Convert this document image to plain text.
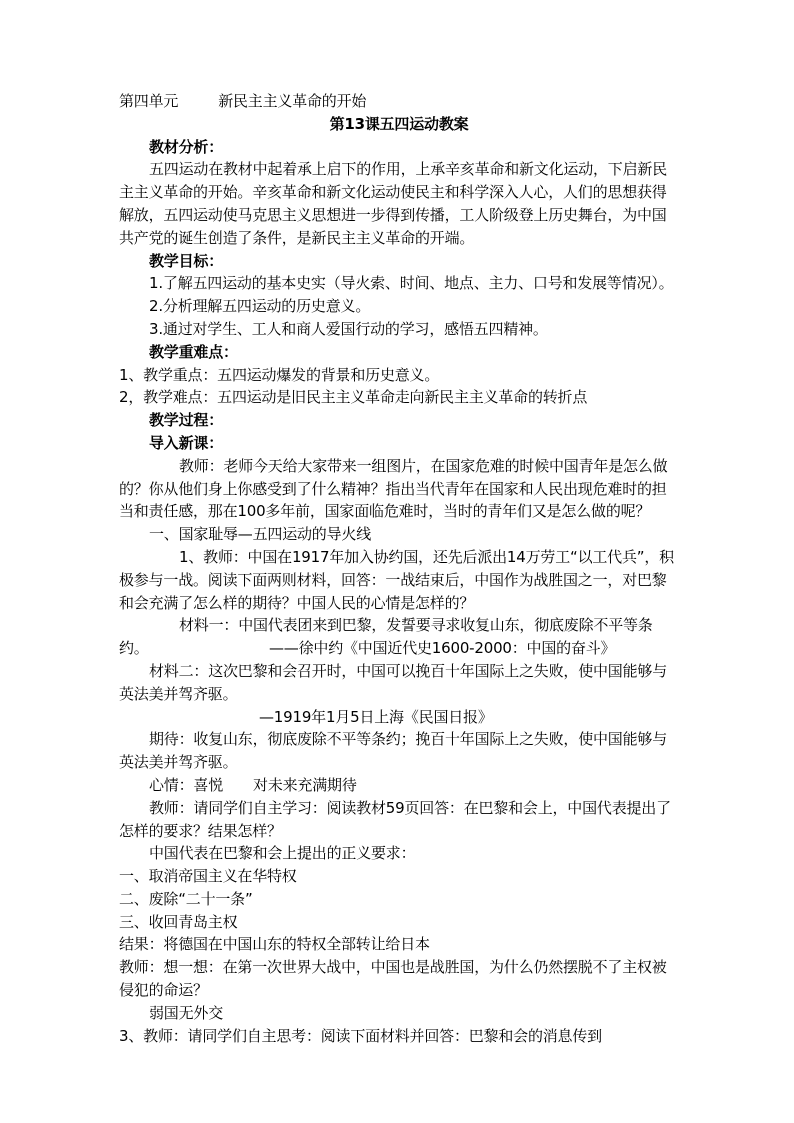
第四单元	新民主主义革命的开始

第13课五四运动教案

教材分析：

五四运动在教材中起着承上启下的作用，上承辛亥革命和新文化运动，下启新民主主义革命的开始。辛亥革命和新文化运动使民主和科学深入人心，人们的思想获得解放，五四运动使马克思主义思想进一步得到传播，工人阶级登上历史舞台，为中国共产党的诞生创造了条件，是新民主主义革命的开端。

教学目标：

1.了解五四运动的基本史实（导火索、时间、地点、主力、口号和发展等情况）。

2.分析理解五四运动的历史意义。

3.通过对学生、工人和商人爱国行动的学习，感悟五四精神。

教学重难点：

1、教学重点：五四运动爆发的背景和历史意义。

2，教学难点：五四运动是旧民主主义革命走向新民主主义革命的转折点

教学过程：

导入新课：

教师：老师今天给大家带来一组图片，在国家危难的时候中国青年是怎么做的？你从他们身上你感受到了什么精神？指出当代青年在国家和人民出现危难时的担当和责任感，那在100多年前，国家面临危难时，当时的青年们又是怎么做的呢？

一、国家耻辱—五四运动的导火线

1、教师：中国在1917年加入协约国，还先后派出14万劳工“以工代兵”，积极参与一战。阅读下面两则材料，回答：一战结束后，中国作为战胜国之一，对巴黎和会充满了怎么样的期待？中国人民的心情是怎样的？

材料一：中国代表团来到巴黎，发誓要寻求收复山东，彻底废除不平等条约。	——徐中约《中国近代史1600-2000：中国的奋斗》

材料二：这次巴黎和会召开时，中国可以挽百十年国际上之失败，使中国能够与英法美并驾齐驱。

—1919年1月5日上海《民国日报》

期待：收复山东，彻底废除不平等条约；挽百十年国际上之失败，使中国能够与英法美并驾齐驱。

心情：喜悦 对未来充满期待

教师：请同学们自主学习：阅读教材59页回答：在巴黎和会上，中国代表提出了怎样的要求？结果怎样？

中国代表在巴黎和会上提出的正义要求：

一、取消帝国主义在华特权

二、废除“二十一条”

三、收回青岛主权

结果：将德国在中国山东的特权全部转让给日本

教师：想一想：在第一次世界大战中，中国也是战胜国，为什么仍然摆脱不了主权被侵犯的命运？

弱国无外交

3、教师：请同学们自主思考：阅读下面材料并回答：巴黎和会的消息传到
